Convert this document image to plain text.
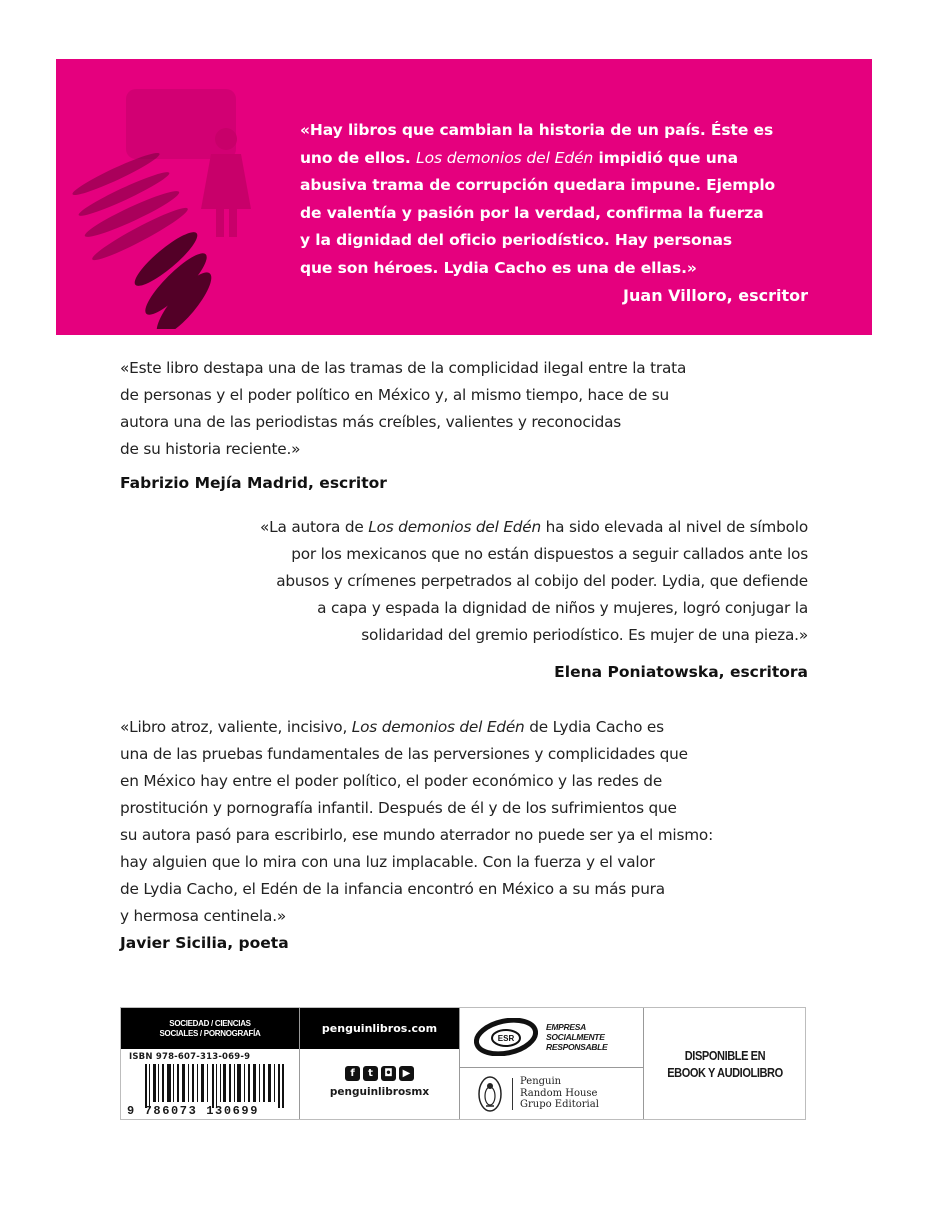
«Hay libros que cambian la historia de un país. Éste es
uno de ellos. Los demonios del Edén impidió que una
abusiva trama de corrupción quedara impune. Ejemplo
de valentía y pasión por la verdad, confirma la fuerza
y la dignidad del oficio periodístico. Hay personas
que son héroes. Lydia Cacho es una de ellas.»
Juan Villoro, escritor
«Este libro destapa una de las tramas de la complicidad ilegal entre la trata
de personas y el poder político en México y, al mismo tiempo, hace de su
autora una de las periodistas más creíbles, valientes y reconocidas
de su historia reciente.»
Fabrizio Mejía Madrid, escritor
«La autora de Los demonios del Edén ha sido elevada al nivel de símbolo
por los mexicanos que no están dispuestos a seguir callados ante los
abusos y crímenes perpetrados al cobijo del poder. Lydia, que defiende
a capa y espada la dignidad de niños y mujeres, logró conjugar la
solidaridad del gremio periodístico. Es mujer de una pieza.»
Elena Poniatowska, escritora
«Libro atroz, valiente, incisivo, Los demonios del Edén de Lydia Cacho es
una de las pruebas fundamentales de las perversiones y complicidades que
en México hay entre el poder político, el poder económico y las redes de
prostitución y pornografía infantil. Después de él y de los sufrimientos que
su autora pasó para escribirlo, ese mundo aterrador no puede ser ya el mismo:
hay alguien que lo mira con una luz implacable. Con la fuerza y el valor
de Lydia Cacho, el Edén de la infancia encontró en México a su más pura
y hermosa centinela.»
Javier Sicilia, poeta
SOCIEDAD / CIENCIAS
SOCIALES / PORNOGRAFÍA
ISBN 978-607-313-069-9
9 786073 130699
penguinlibros.com
f	t	◘ ▶
penguinlibrosmx
ESR
EMPRESA
SOCIALMENTE
RESPONSABLE
Penguin
Random House
Grupo Editorial
DISPONIBLE EN
EBOOK Y AUDIOLIBRO
